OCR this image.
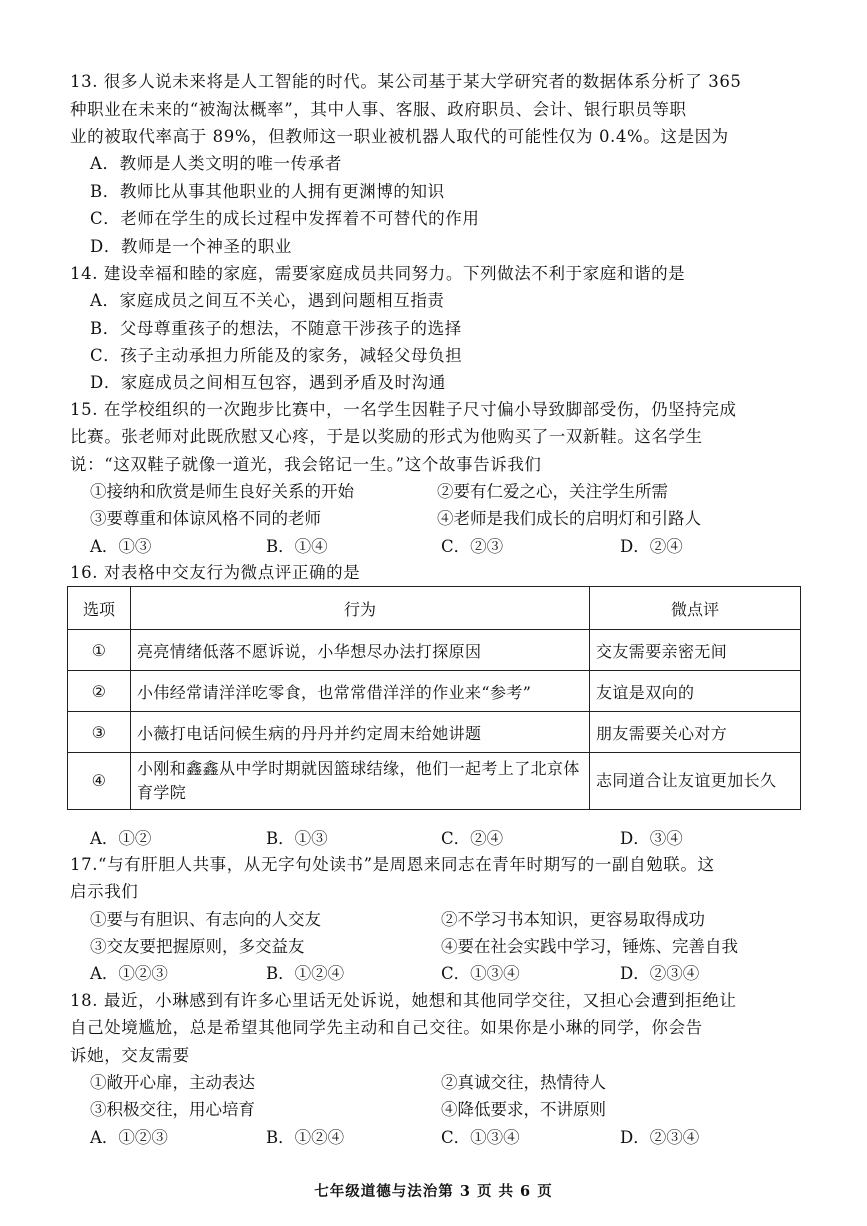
13. 很多人说未来将是人工智能的时代。某公司基于某大学研究者的数据体系分析了 365
种职业在未来的“被淘汰概率”，其中人事、客服、政府职员、会计、银行职员等职
业的被取代率高于 89%，但教师这一职业被机器人取代的可能性仅为 0.4%。这是因为
A．教师是人类文明的唯一传承者
B．教师比从事其他职业的人拥有更渊博的知识
C．老师在学生的成长过程中发挥着不可替代的作用
D．教师是一个神圣的职业
14. 建设幸福和睦的家庭，需要家庭成员共同努力。下列做法不利于家庭和谐的是
A．家庭成员之间互不关心，遇到问题相互指责
B．父母尊重孩子的想法，不随意干涉孩子的选择
C．孩子主动承担力所能及的家务，减轻父母负担
D．家庭成员之间相互包容，遇到矛盾及时沟通
15. 在学校组织的一次跑步比赛中，一名学生因鞋子尺寸偏小导致脚部受伤，仍坚持完成
比赛。张老师对此既欣慰又心疼，于是以奖励的形式为他购买了一双新鞋。这名学生
说：“这双鞋子就像一道光，我会铭记一生。”这个故事告诉我们
①接纳和欣赏是师生良好关系的开始	②要有仁爱之心，关注学生所需
③要尊重和体谅风格不同的老师	④老师是我们成长的启明灯和引路人
A．①③	B．①④	C．②③	D．②④
16. 对表格中交友行为微点评正确的是
选项	行为	微点评
①	亮亮情绪低落不愿诉说，小华想尽办法打探原因	交友需要亲密无间
②	小伟经常请洋洋吃零食，也常常借洋洋的作业来“参考”	友谊是双向的
③	小薇打电话问候生病的丹丹并约定周末给她讲题	朋友需要关心对方
④	小刚和鑫鑫从中学时期就因篮球结缘，他们一起考上了北京体育学院	志同道合让友谊更加长久
A．①②	B．①③	C．②④	D．③④
17.“与有肝胆人共事，从无字句处读书”是周恩来同志在青年时期写的一副自勉联。这
启示我们
①要与有胆识、有志向的人交友	②不学习书本知识，更容易取得成功
③交友要把握原则，多交益友	④要在社会实践中学习，锤炼、完善自我
A．①②③	B．①②④	C．①③④	D．②③④
18. 最近，小琳感到有许多心里话无处诉说，她想和其他同学交往，又担心会遭到拒绝让
自己处境尴尬，总是希望其他同学先主动和自己交往。如果你是小琳的同学，你会告
诉她，交友需要
①敞开心扉，主动表达	②真诚交往，热情待人
③积极交往，用心培育	④降低要求，不讲原则
A．①②③	B．①②④	C．①③④	D．②③④
七年级道德与法治第 3 页 共 6 页
